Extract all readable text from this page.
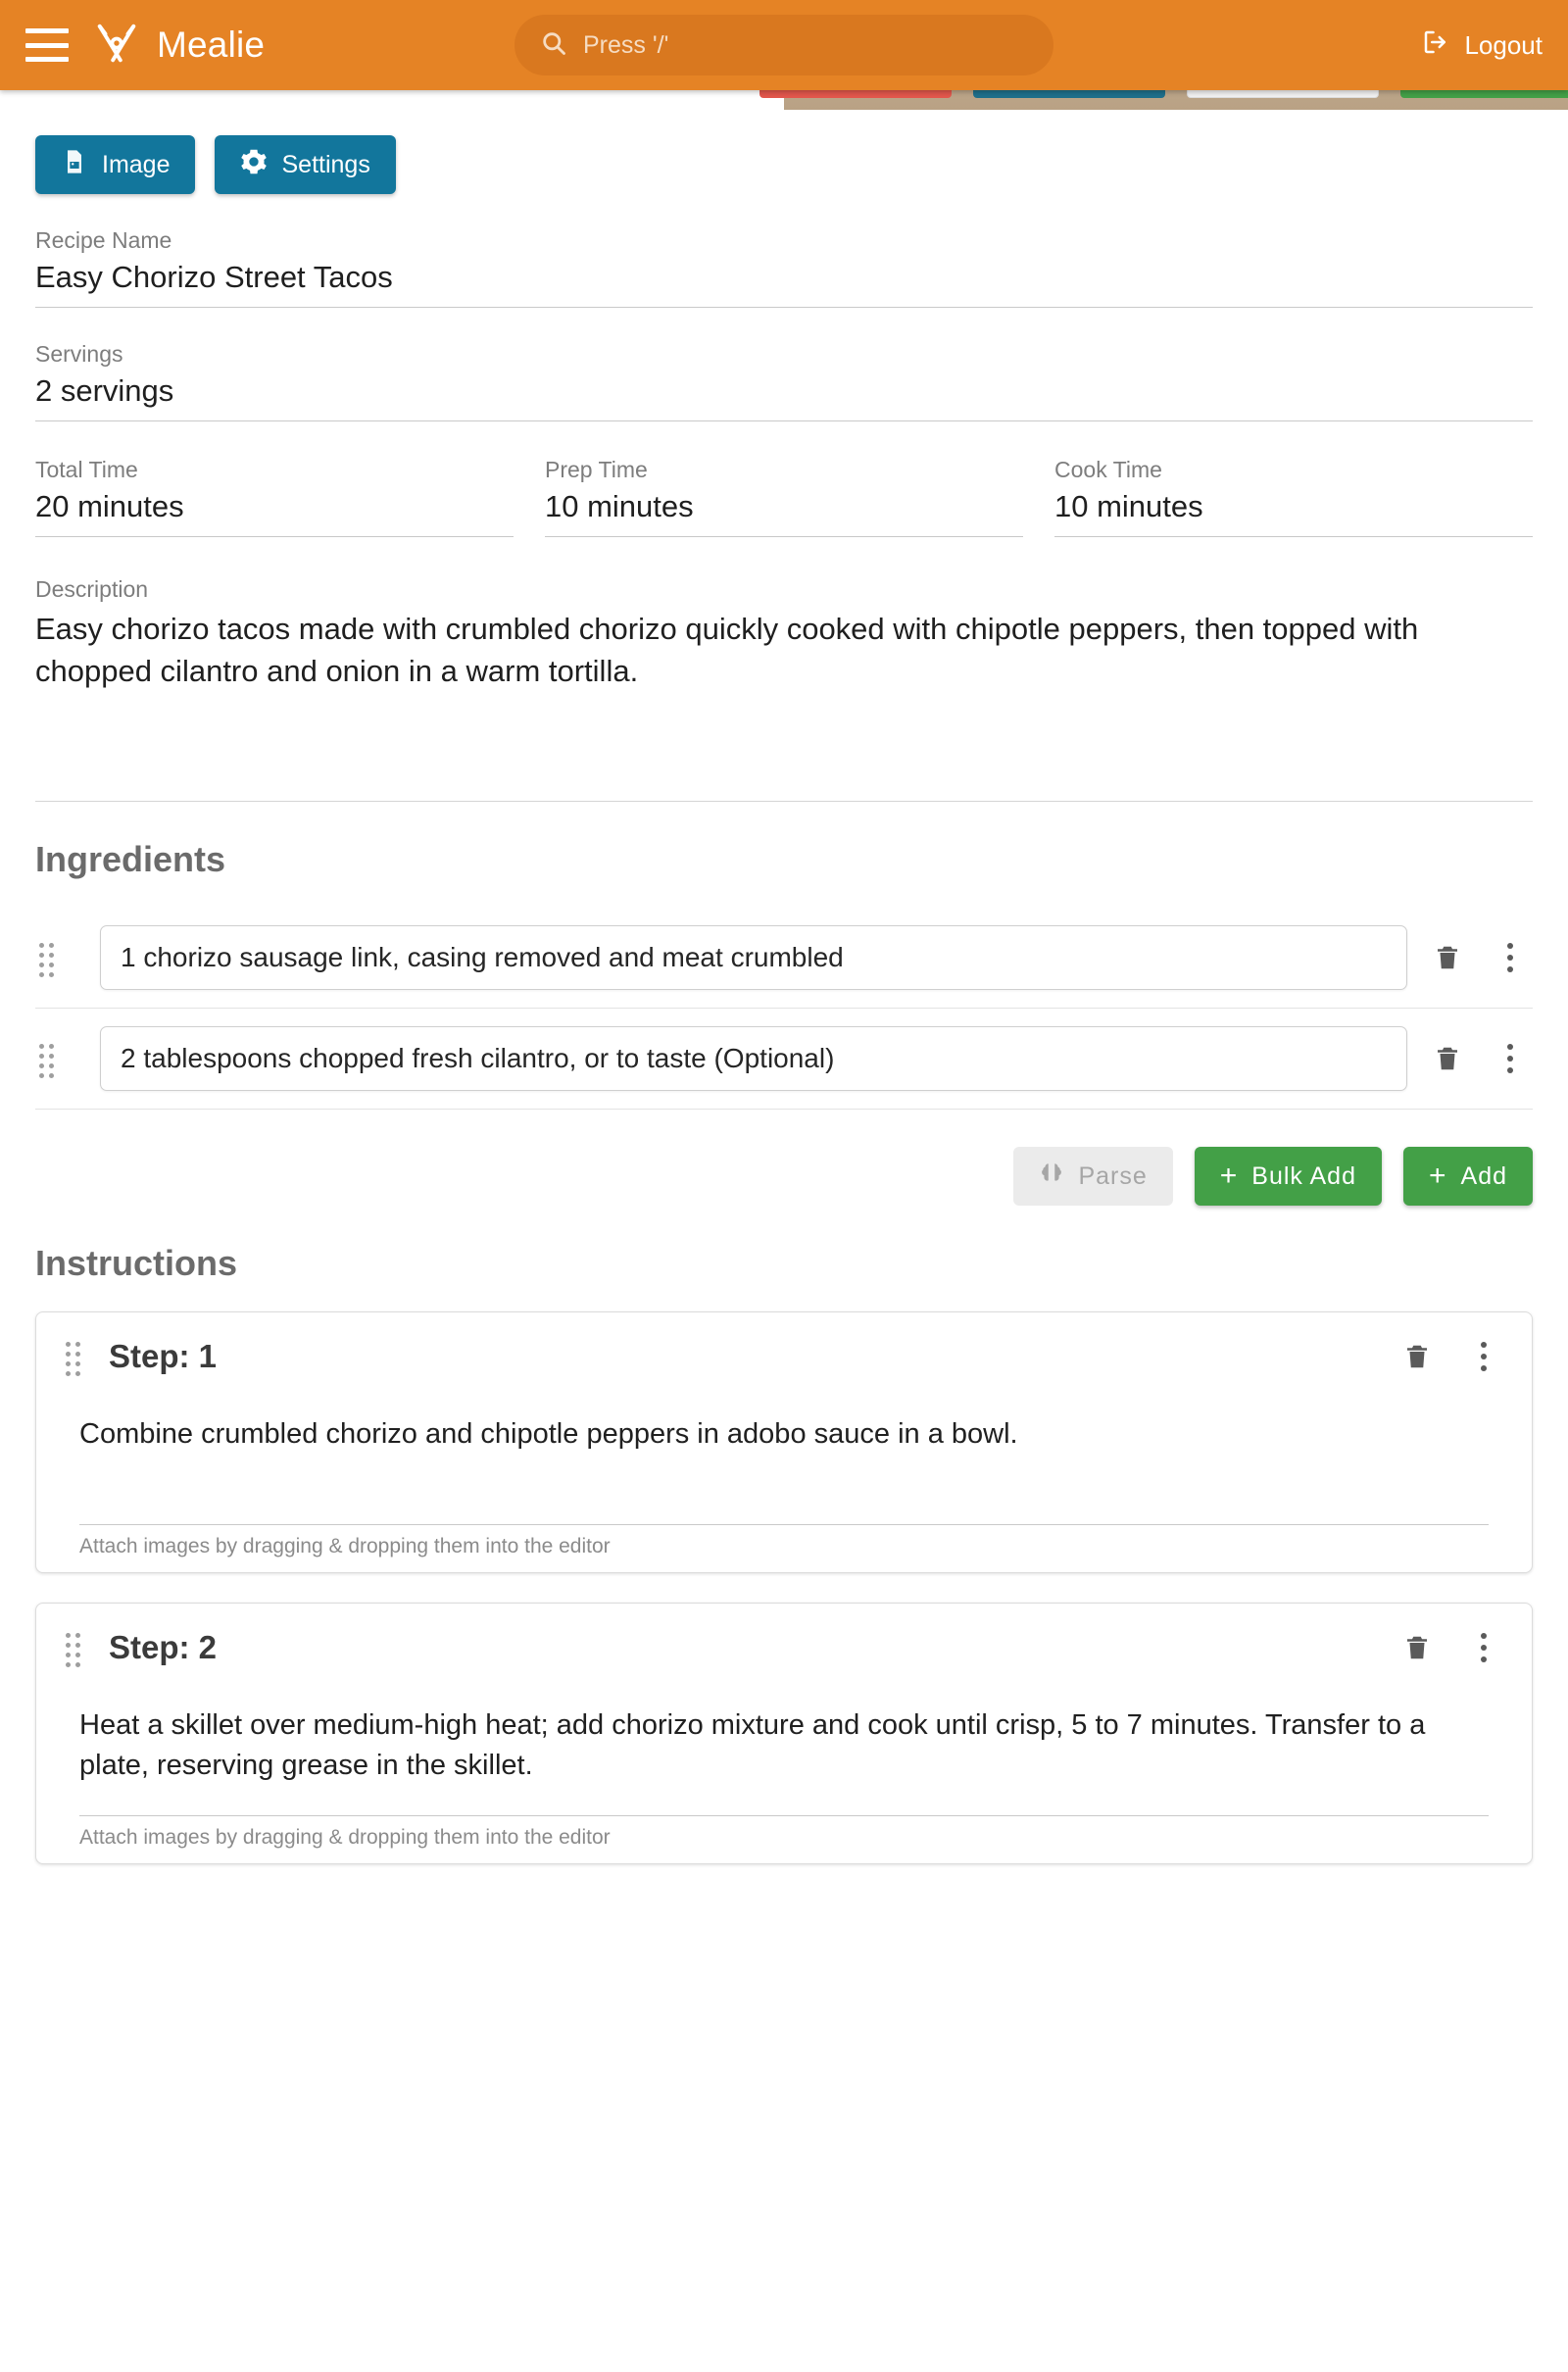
Mealie	Press '/'	Logout
Image	Settings
Recipe Name
Easy Chorizo Street Tacos
Servings
2 servings
Total Time
20 minutes
Prep Time
10 minutes
Cook Time
10 minutes
Description
Easy chorizo tacos made with crumbled chorizo quickly cooked with chipotle peppers, then topped with chopped cilantro and onion in a warm tortilla.
Ingredients
1 chorizo sausage link, casing removed and meat crumbled
2 tablespoons chopped fresh cilantro, or to taste (Optional)
Parse + Bulk Add + Add
Instructions
Step: 1
Combine crumbled chorizo and chipotle peppers in adobo sauce in a bowl.
Attach images by dragging & dropping them into the editor
Step: 2
Heat a skillet over medium-high heat; add chorizo mixture and cook until crisp, 5 to 7 minutes. Transfer to a plate, reserving grease in the skillet.
Attach images by dragging & dropping them into the editor
